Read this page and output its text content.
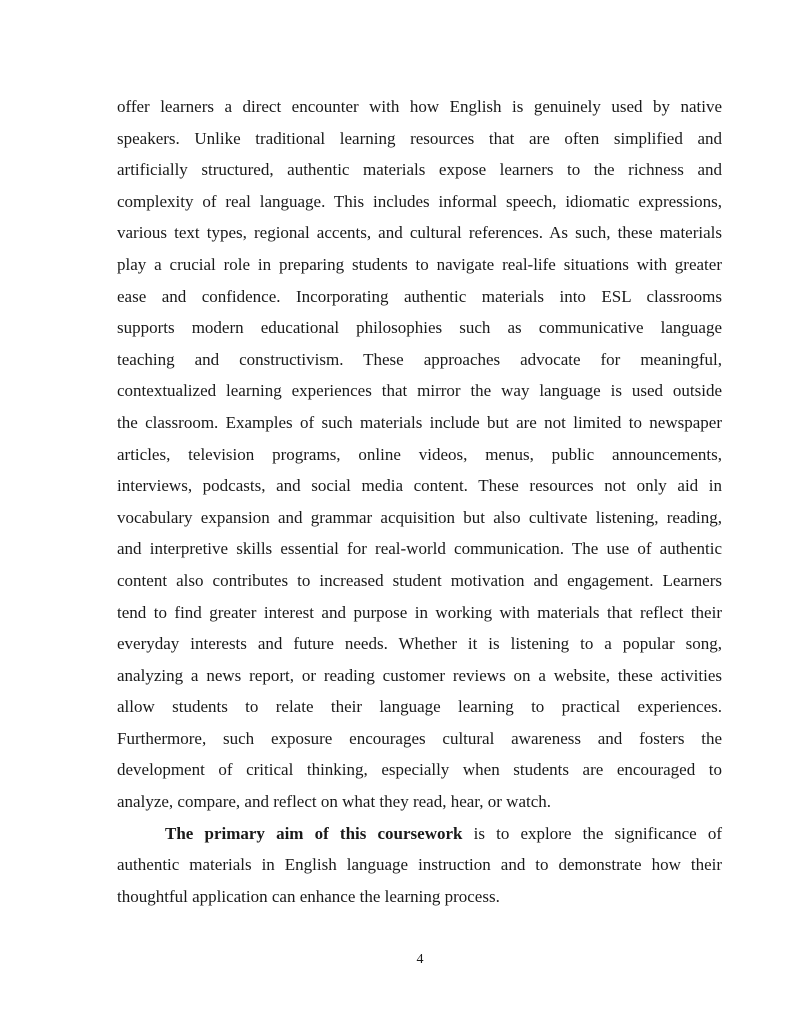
offer learners a direct encounter with how English is genuinely used by native
speakers. Unlike traditional learning resources that are often simplified and
artificially structured, authentic materials expose learners to the richness and
complexity of real language. This includes informal speech, idiomatic expressions,
various text types, regional accents, and cultural references. As such, these materials
play a crucial role in preparing students to navigate real-life situations with greater
ease and confidence. Incorporating authentic materials into ESL classrooms
supports modern educational philosophies such as communicative language
teaching and constructivism. These approaches advocate for meaningful,
contextualized learning experiences that mirror the way language is used outside
the classroom. Examples of such materials include but are not limited to newspaper
articles, television programs, online videos, menus, public announcements,
interviews, podcasts, and social media content. These resources not only aid in
vocabulary expansion and grammar acquisition but also cultivate listening, reading,
and interpretive skills essential for real-world communication. The use of authentic
content also contributes to increased student motivation and engagement. Learners
tend to find greater interest and purpose in working with materials that reflect their
everyday interests and future needs. Whether it is listening to a popular song,
analyzing a news report, or reading customer reviews on a website, these activities
allow students to relate their language learning to practical experiences.
Furthermore, such exposure encourages cultural awareness and fosters the
development of critical thinking, especially when students are encouraged to
analyze, compare, and reflect on what they read, hear, or watch.
The primary aim of this coursework is to explore the significance of
authentic materials in English language instruction and to demonstrate how their
thoughtful application can enhance the learning process.
4
